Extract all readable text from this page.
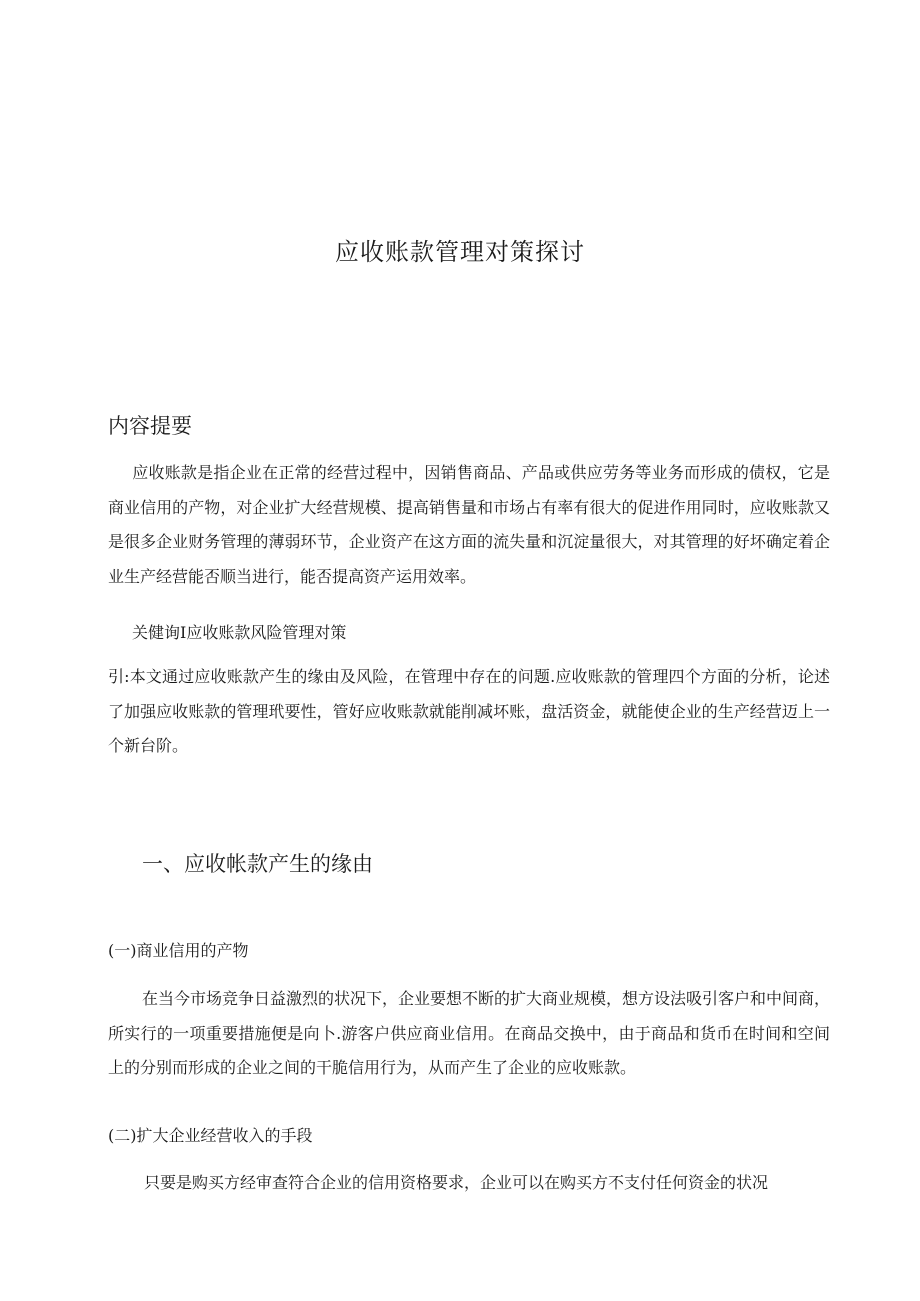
应收账款管理对策探讨
内容提要

应收账款是指企业在正常的经营过程中，因销售商品、产品或供应劳务等业务而形成的债权，它是商业信用的产物，对企业扩大经营规模、提高销售量和市场占有率有很大的促进作用同时，应收账款又是很多企业财务管理的薄弱环节，企业资产在这方面的流失量和沉淀量很大，对其管理的好坏确定着企业生产经营能否顺当进行，能否提高资产运用效率。

关健询I应收账款风险管理对策

引:本文通过应收账款产生的缘由及风险，在管理中存在的问题.应收账款的管理四个方面的分析，论述了加强应收账款的管理玳要性，管好应收账款就能削减坏账，盘活资金，就能使企业的生产经营迈上一个新台阶。

一、应收帐款产生的缘由
(一)商业信用的产物

在当今市场竞争日益激烈的状况下，企业要想不断的扩大商业规模，想方设法吸引客户和中间商，所实行的一项重要措施便是向卜.游客户供应商业信用。在商品交换中，由于商品和货币在时间和空间上的分别而形成的企业之间的干脆信用行为，从而产生了企业的应收账款。

(二)扩大企业经营收入的手段

只要是购买方经审查符合企业的信用资格要求，企业可以在购买方不支付任何资金的状况
